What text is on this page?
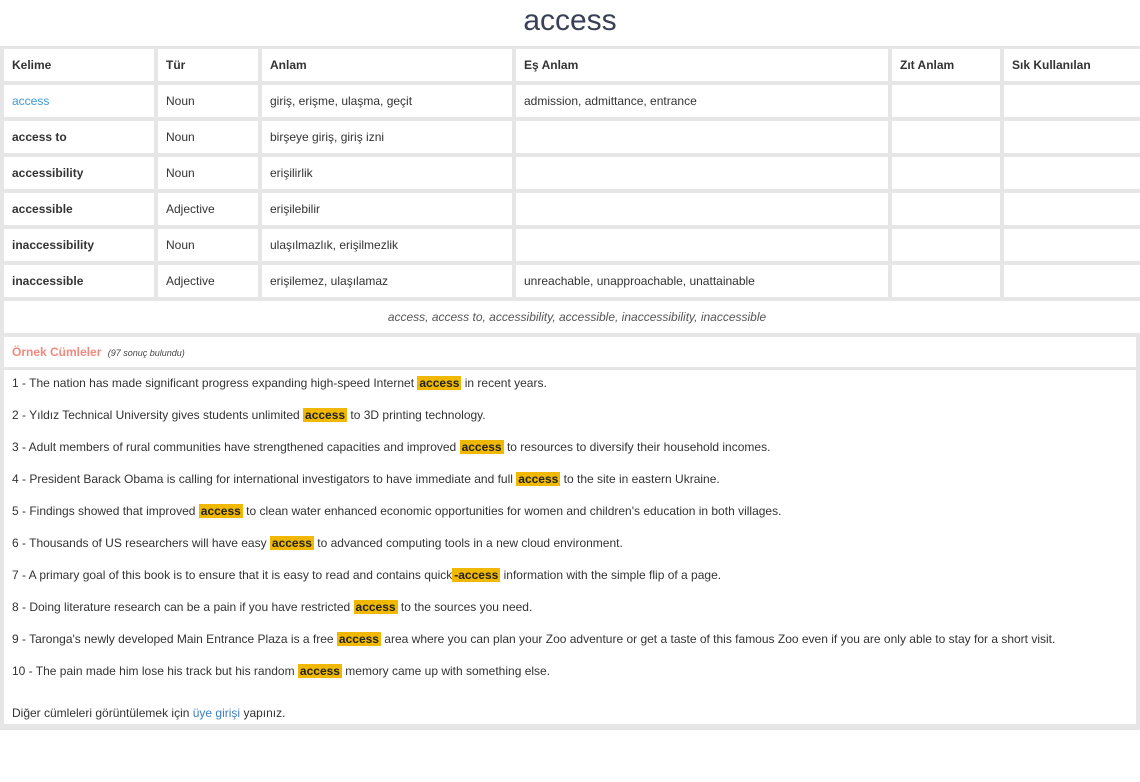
access
Kelime	Tür	Anlam	Eş Anlam	Zıt Anlam	Sık Kullanılan
access	Noun	giriş, erişme, ulaşma, geçit	admission, admittance, entrance		
access to	Noun	birşeye giriş, giriş izni			
accessibility	Noun	erişilirlik			
accessible	Adjective	erişilebilir			
inaccessibility	Noun	ulaşılmazlık, erişilmezlik			
inaccessible	Adjective	erişilemez, ulaşılamaz	unreachable, unapproachable, unattainable		
access, access to, accessibility, accessible, inaccessibility, inaccessible					
Örnek Cümleler (97 sonuç bulundu)
1 - The nation has made significant progress expanding high-speed Internet access in recent years.
2 - Yıldız Technical University gives students unlimited access to 3D printing technology.
3 - Adult members of rural communities have strengthened capacities and improved access to resources to diversify their household incomes.
4 - President Barack Obama is calling for international investigators to have immediate and full access to the site in eastern Ukraine.
5 - Findings showed that improved access to clean water enhanced economic opportunities for women and children's education in both villages.
6 - Thousands of US researchers will have easy access to advanced computing tools in a new cloud environment.
7 - A primary goal of this book is to ensure that it is easy to read and contains quick -access information with the simple flip of a page.
8 - Doing literature research can be a pain if you have restricted access to the sources you need.
9 - Taronga's newly developed Main Entrance Plaza is a free access area where you can plan your Zoo adventure or get a taste of this famous Zoo even if you are only able to stay for a short visit.
10 - The pain made him lose his track but his random access memory came up with something else.
Diğer cümleleri görüntülemek için üye girişi yapınız.
